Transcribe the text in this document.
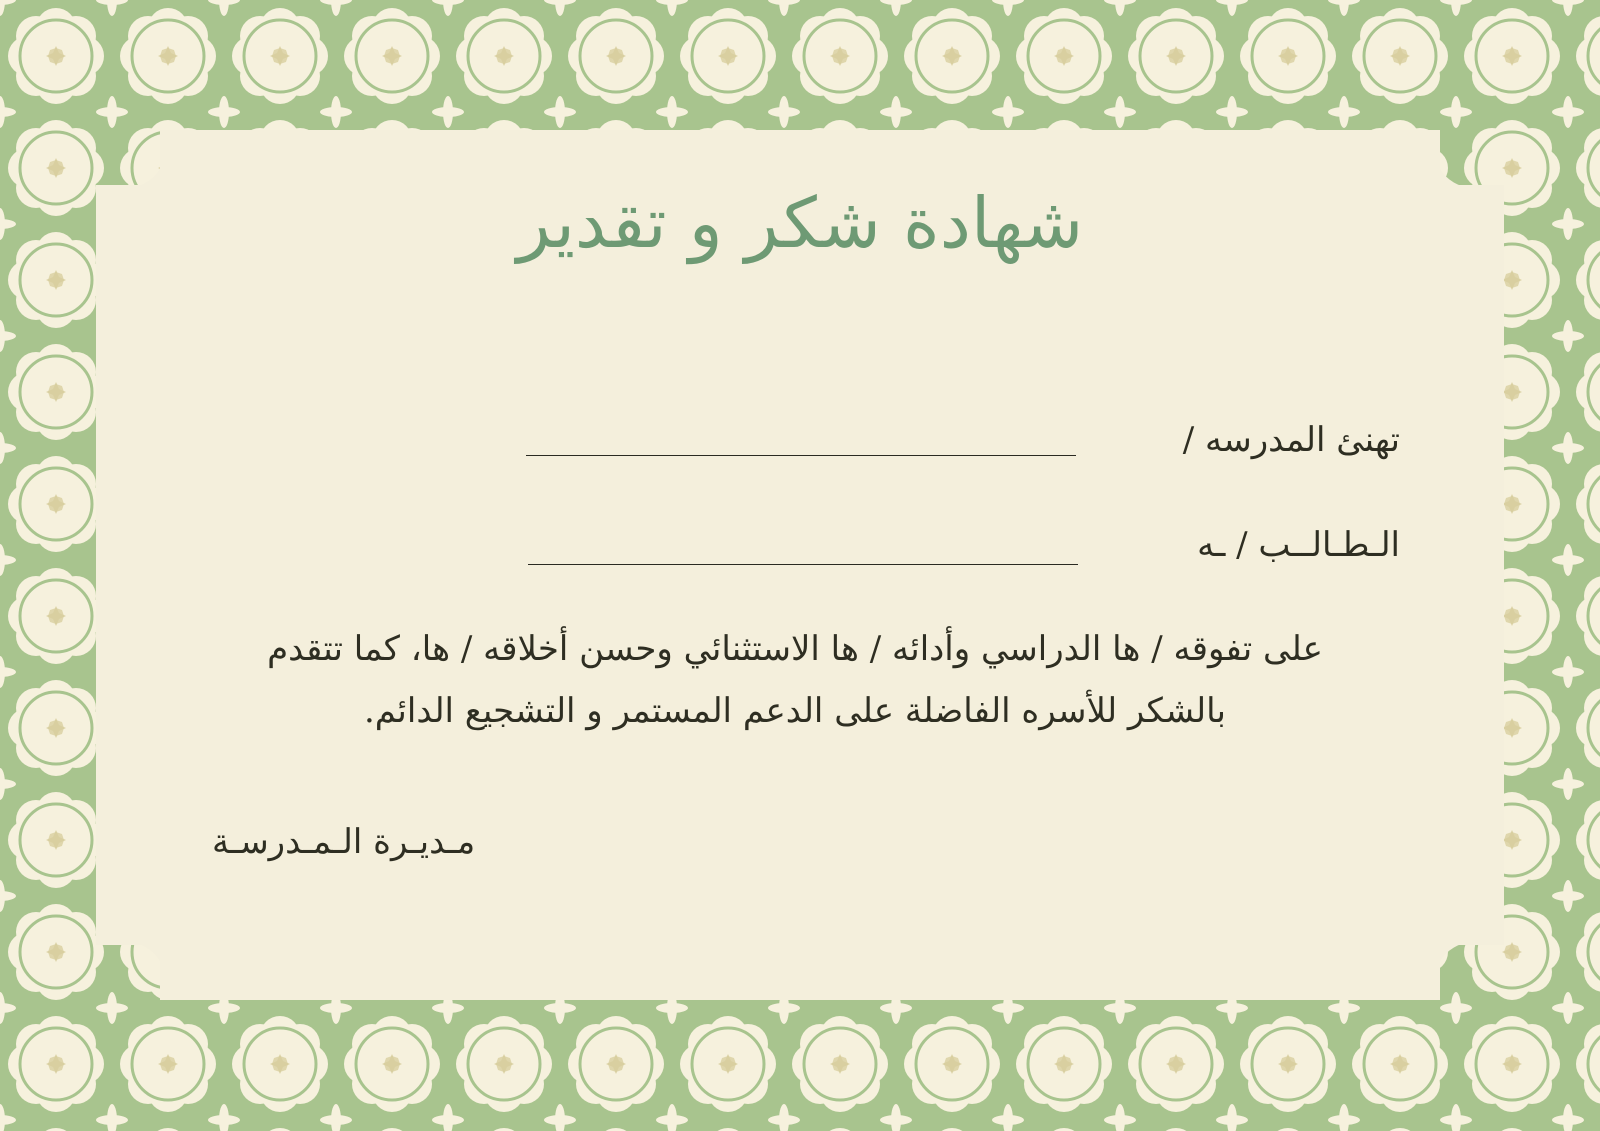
شهادة شكر و تقدير
تهنئ المدرسه /
الـطـالــب / ـه
على تفوقه / ها الدراسي وأدائه / ها الاستثنائي وحسن أخلاقه / ها، كما تتقدم
بالشكر للأسره الفاضلة على الدعم المستمر و التشجيع الدائم.
مـديـرة الـمـدرسـة
